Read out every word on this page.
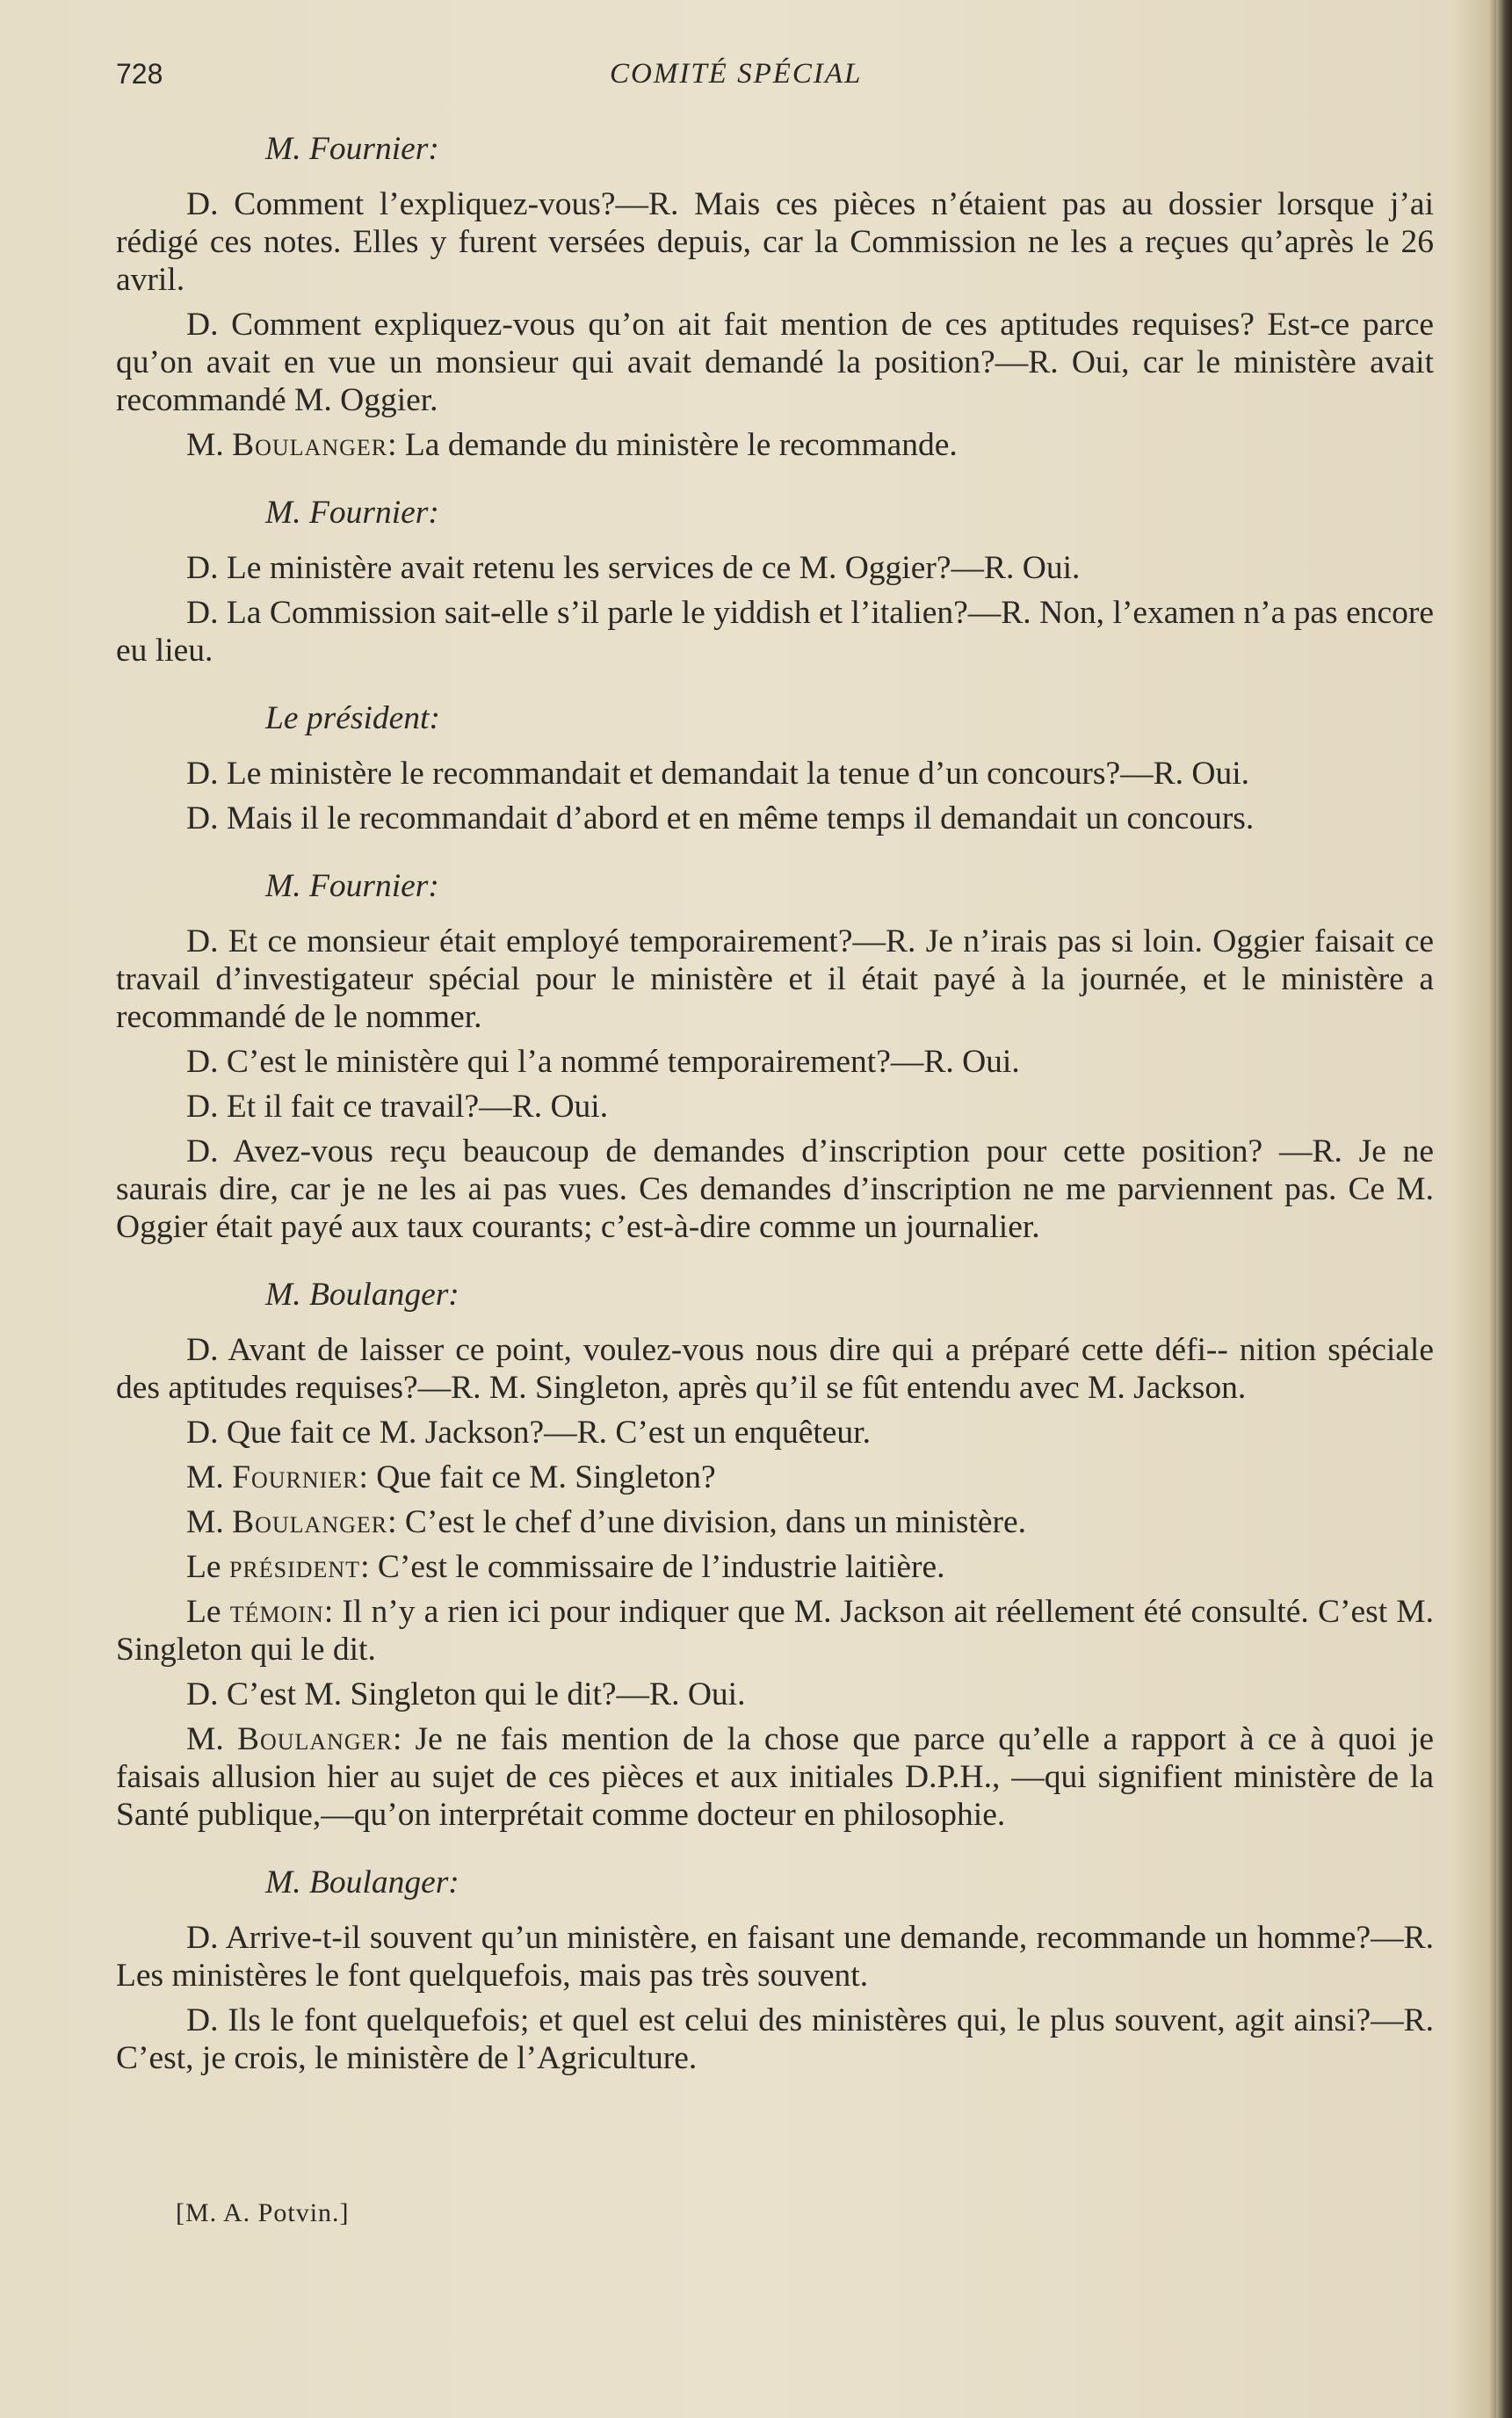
728	COMITÉ SPÉCIAL
M. Fournier:

D. Comment l’expliquez-vous?—R. Mais ces pièces n’étaient pas au dossier lorsque j’ai rédigé ces notes. Elles y furent versées depuis, car la Commission ne les a reçues qu’après le 26 avril.

D. Comment expliquez-vous qu’on ait fait mention de ces aptitudes requises? Est-ce parce qu’on avait en vue un monsieur qui avait demandé la position?—R. Oui, car le ministère avait recommandé M. Oggier.

M. Boulanger: La demande du ministère le recommande.

M. Fournier:

D. Le ministère avait retenu les services de ce M. Oggier?—R. Oui.

D. La Commission sait-elle s’il parle le yiddish et l’italien?—R. Non, l’examen n’a pas encore eu lieu.

Le président:

D. Le ministère le recommandait et demandait la tenue d’un concours?—R. Oui.

D. Mais il le recommandait d’abord et en même temps il demandait un concours.

M. Fournier:

D. Et ce monsieur était employé temporairement?—R. Je n’irais pas si loin. Oggier faisait ce travail d’investigateur spécial pour le ministère et il était payé à la journée, et le ministère a recommandé de le nommer.

D. C’est le ministère qui l’a nommé temporairement?—R. Oui.

D. Et il fait ce travail?—R. Oui.

D. Avez-vous reçu beaucoup de demandes d’inscription pour cette position? —R. Je ne saurais dire, car je ne les ai pas vues. Ces demandes d’inscription ne me parviennent pas. Ce M. Oggier était payé aux taux courants; c’est-à-dire comme un journalier.

M. Boulanger:

D. Avant de laisser ce point, voulez-vous nous dire qui a préparé cette défi-- nition spéciale des aptitudes requises?—R. M. Singleton, après qu’il se fût entendu avec M. Jackson.

D. Que fait ce M. Jackson?—R. C’est un enquêteur.

M. Fournier: Que fait ce M. Singleton?

M. Boulanger: C’est le chef d’une division, dans un ministère.

Le président: C’est le commissaire de l’industrie laitière.

Le témoin: Il n’y a rien ici pour indiquer que M. Jackson ait réellement été consulté. C’est M. Singleton qui le dit.

D. C’est M. Singleton qui le dit?—R. Oui.

M. Boulanger: Je ne fais mention de la chose que parce qu’elle a rapport à ce à quoi je faisais allusion hier au sujet de ces pièces et aux initiales D.P.H., —qui signifient ministère de la Santé publique,—qu’on interprétait comme docteur en philosophie.

M. Boulanger:

D. Arrive-t-il souvent qu’un ministère, en faisant une demande, recommande un homme?—R. Les ministères le font quelquefois, mais pas très souvent.

D. Ils le font quelquefois; et quel est celui des ministères qui, le plus souvent, agit ainsi?—R. C’est, je crois, le ministère de l’Agriculture.

[M. A. Potvin.]
